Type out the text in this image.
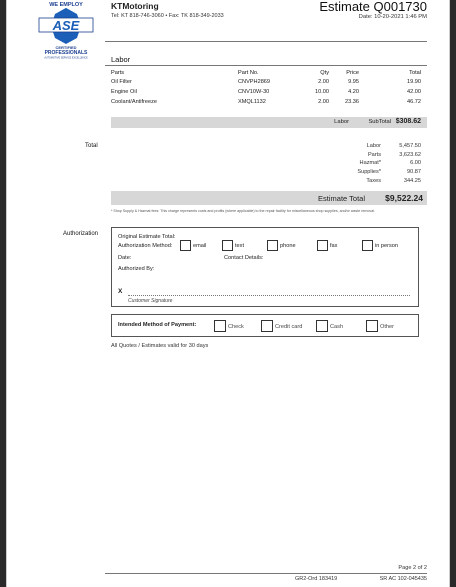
WE EMPLOY
ASE
CERTIFIED
PROFESSIONALS
AUTOMOTIVE SERVICE EXCELLENCE
KTMotoring
Tel: KT 818-746-3060 • Fax: TK 818-349-2033
Estimate Q001730
Date: 10-20-2021 1:46 PM
Labor
Parts	Part No.	Qty	Price	Total
Oil Filter	CNVPH2869	2.00	9.95	19.90
Engine Oil	CNV10W-30	10.00	4.20	42.00
Coolant/Antifreeze	XMQL1132	2.00	23.36	46.72
Labor	SubTotal $308.62
Total	Labor	5,457.50
Parts	3,623.62
Hazmat*	6.00
Supplies*	90.87
Taxes	344.25
Estimate Total $9,522.24
* Shop Supply & Hazmat fees: This charge represents costs and profits (where applicable) to the repair facility for miscellaneous shop supplies, and/or waste removal.
Authorization	Original Estimate Total:
Authorization Method:	email	text	phone	fax	in person
Date:	Contact Details:
Authorized By:
X
Customer Signature
Intended Method of Payment:	Check	Credit card	Cash	Other
All Quotes / Estimates valid for 30 days
Page 2 of 2
GR2-Ord 183419	SR AC 102-045435
